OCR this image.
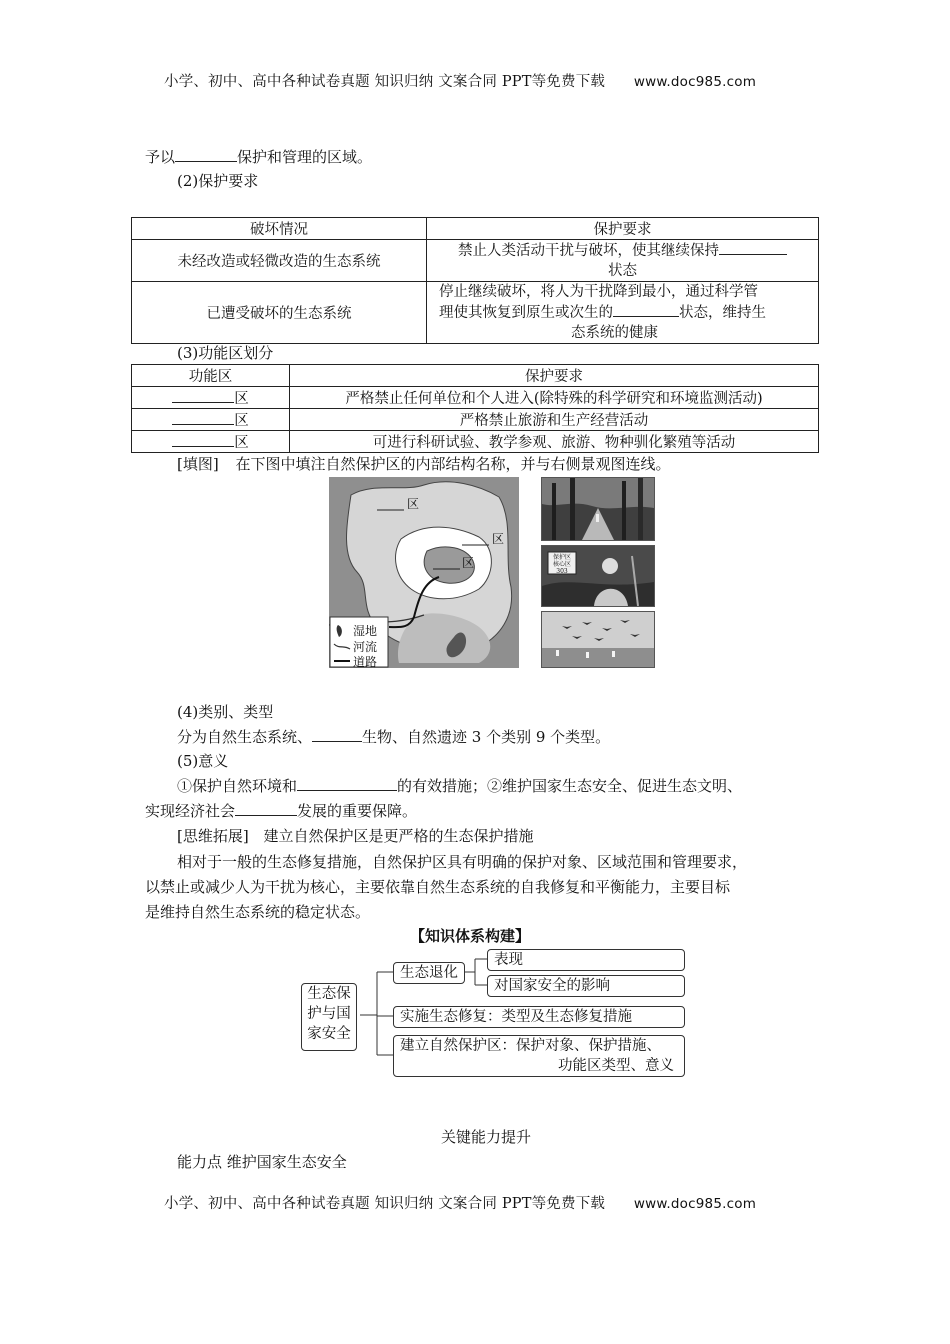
小学、初中、高中各种试卷真题 知识归纳 文案合同 PPT等免费下载 www.doc985.com
予以	保护和管理的区域。
(2)保护要求
破坏情况	保护要求
未经改造或轻微改造的生态系统	禁止人类活动干扰与破坏，使其继续保持
状态
已遭受破坏的生态系统	停止继续破坏，将人为干扰降到最小，通过科学管
理使其恢复到原生或次生的 状态，维持生
态系统的健康
(3)功能区划分
功能区	保护要求
区	严格禁止任何单位和个人进入(除特殊的科学研究和环境监测活动)
区	严格禁止旅游和生产经营活动
区	可进行科研试验、教学参观、旅游、物种驯化繁殖等活动
[填图] 在下图中填注自然保护区的内部结构名称，并与右侧景观图连线。
区
区
区
湿地
河流
道路
保护区
核心区
303
(4)类别、类型
分为自然生态系统、	生物、自然遗迹 3 个类别 9 个类型。
(5)意义
①保护自然环境和	的有效措施；②维护国家生态安全、促进生态文明、
实现经济社会	发展的重要保障。
[思维拓展] 建立自然保护区是更严格的生态保护措施
相对于一般的生态修复措施，自然保护区具有明确的保护对象、区域范围和管理要求，
以禁止或减少人为干扰为核心，主要依靠自然生态系统的自我修复和平衡能力，主要目标
是维持自然生态系统的稳定状态。
【知识体系构建】
生态保
护与国
家安全
生态退化
表现
对国家安全的影响
实施生态修复：类型及生态修复措施
建立自然保护区：保护对象、保护措施、
功能区类型、意义
关键能力提升
能力点 维护国家生态安全
小学、初中、高中各种试卷真题 知识归纳 文案合同 PPT等免费下载 www.doc985.com
